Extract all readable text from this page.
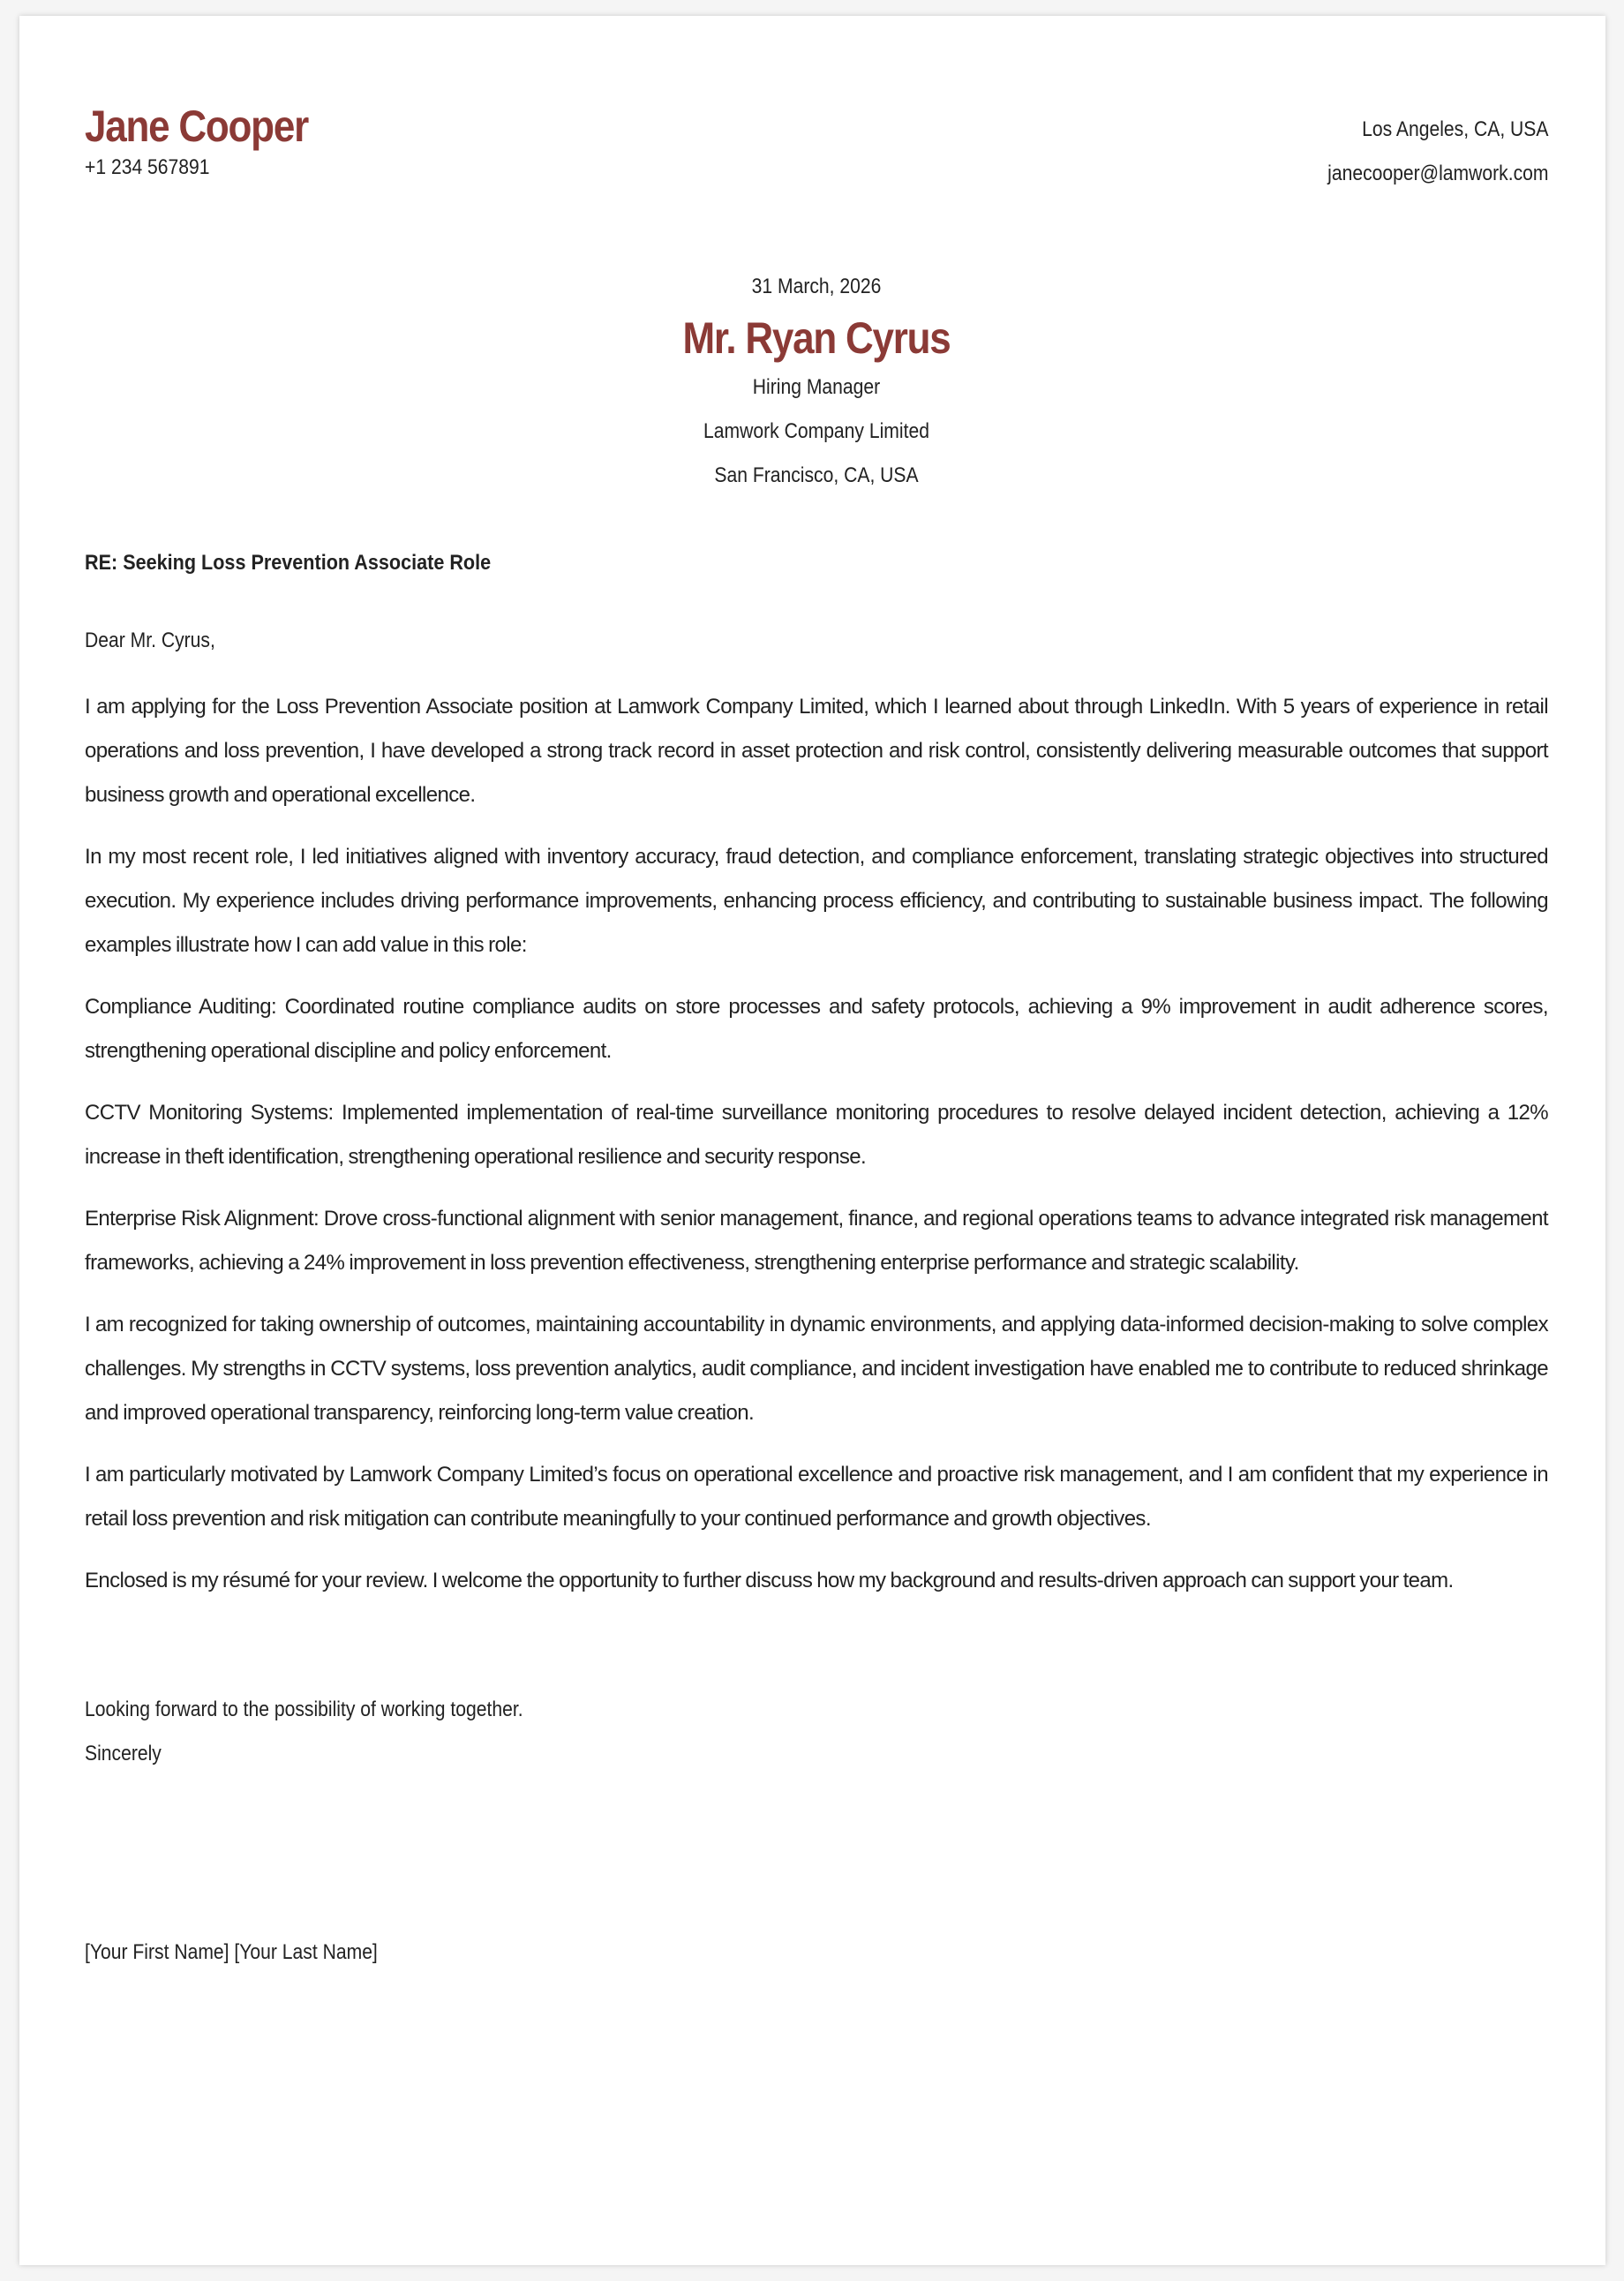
Jane Cooper
+1 234 567891
Los Angeles, CA, USA
janecooper@lamwork.com
31 March, 2026
Mr. Ryan Cyrus
Hiring Manager
Lamwork Company Limited
San Francisco, CA, USA
RE: Seeking Loss Prevention Associate Role
Dear Mr. Cyrus,

I am applying for the Loss Prevention Associate position at Lamwork Company Limited, which I learned about through LinkedIn. With 5 years of experience in retail operations and loss prevention, I have developed a strong track record in asset protection and risk control, consistently delivering measurable outcomes that support business growth and operational excellence.

In my most recent role, I led initiatives aligned with inventory accuracy, fraud detection, and compliance enforcement, translating strategic objectives into structured execution. My experience includes driving performance improvements, enhancing process efficiency, and contributing to sustainable business impact. The following examples illustrate how I can add value in this role:

Compliance Auditing: Coordinated routine compliance audits on store processes and safety protocols, achieving a 9% improvement in audit adherence scores, strengthening operational discipline and policy enforcement.

CCTV Monitoring Systems: Implemented implementation of real-time surveillance monitoring procedures to resolve delayed incident detection, achieving a 12% increase in theft identification, strengthening operational resilience and security response.

Enterprise Risk Alignment: Drove cross-functional alignment with senior management, finance, and regional operations teams to advance integrated risk management frameworks, achieving a 24% improvement in loss prevention effectiveness, strengthening enterprise performance and strategic scalability.

I am recognized for taking ownership of outcomes, maintaining accountability in dynamic environments, and applying data-informed decision-making to solve complex challenges. My strengths in CCTV systems, loss prevention analytics, audit compliance, and incident investigation have enabled me to contribute to reduced shrinkage and improved operational transparency, reinforcing long-term value creation.

I am particularly motivated by Lamwork Company Limited’s focus on operational excellence and proactive risk management, and I am confident that my experience in retail loss prevention and risk mitigation can contribute meaningfully to your continued performance and growth objectives.

Enclosed is my résumé for your review. I welcome the opportunity to further discuss how my background and results-driven approach can support your team.

Looking forward to the possibility of working together.
Sincerely
[Your First Name] [Your Last Name]
